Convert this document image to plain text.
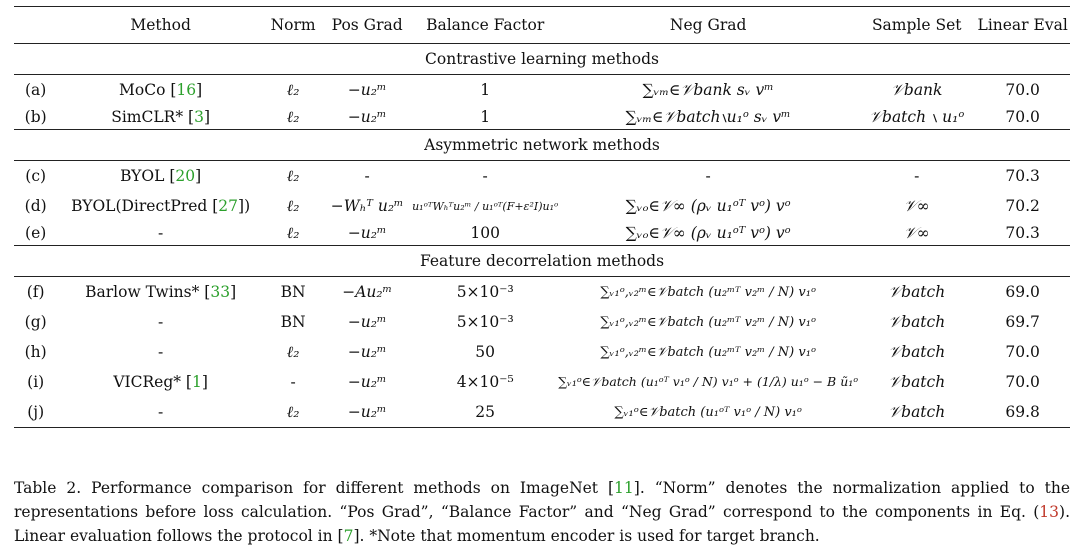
	Method	Norm	Pos Grad	Balance Factor	Neg Grad	Sample Set	Linear Eval
Contrastive learning methods							
(a)	MoCo [16]	ℓ₂	−u₂ᵐ	1	∑ᵥₘ∈𝒱bank sᵥ vᵐ	𝒱bank	70.0
(b)	SimCLR* [3]	ℓ₂	−u₂ᵐ	1	∑ᵥₘ∈𝒱batch∖u₁ᵒ sᵥ vᵐ	𝒱batch ∖ u₁ᵒ	70.0
Asymmetric network methods							
(c)	BYOL [20]	ℓ₂	-	-	-	-	70.3
(d)	BYOL(DirectPred [27])	ℓ₂	−Wₕᵀ u₂ᵐ	u₁ᵒᵀWₕᵀu₂ᵐ / u₁ᵒᵀ(F+ε²I)u₁ᵒ	∑ᵥₒ∈𝒱∞ (ρᵥ u₁ᵒᵀ vᵒ) vᵒ	𝒱∞	70.2
(e)	-	ℓ₂	−u₂ᵐ	100	∑ᵥₒ∈𝒱∞ (ρᵥ u₁ᵒᵀ vᵒ) vᵒ	𝒱∞	70.3
Feature decorrelation methods							
(f)	Barlow Twins* [33]	BN	−Au₂ᵐ	5×10⁻³	∑ᵥ₁ᵒ,ᵥ₂ᵐ∈𝒱batch (u₂ᵐᵀ v₂ᵐ / N) v₁ᵒ	𝒱batch	69.0
(g)	-	BN	−u₂ᵐ	5×10⁻³	∑ᵥ₁ᵒ,ᵥ₂ᵐ∈𝒱batch (u₂ᵐᵀ v₂ᵐ / N) v₁ᵒ	𝒱batch	69.7
(h)	-	ℓ₂	−u₂ᵐ	50	∑ᵥ₁ᵒ,ᵥ₂ᵐ∈𝒱batch (u₂ᵐᵀ v₂ᵐ / N) v₁ᵒ	𝒱batch	70.0
(i)	VICReg* [1]	-	−u₂ᵐ	4×10⁻⁵	∑ᵥ₁ᵒ∈𝒱batch (u₁ᵒᵀ v₁ᵒ / N) v₁ᵒ + (1/λ) u₁ᵒ − B ũ₁ᵒ	𝒱batch	70.0
(j)	-	ℓ₂	−u₂ᵐ	25	∑ᵥ₁ᵒ∈𝒱batch (u₁ᵒᵀ v₁ᵒ / N) v₁ᵒ	𝒱batch	69.8
Table 2. Performance comparison for different methods on ImageNet [11]. “Norm” denotes the normalization applied to the representations before loss calculation. “Pos Grad”, “Balance Factor” and “Neg Grad” correspond to the components in Eq. (13). Linear evaluation follows the protocol in [7]. *Note that momentum encoder is used for target branch.
